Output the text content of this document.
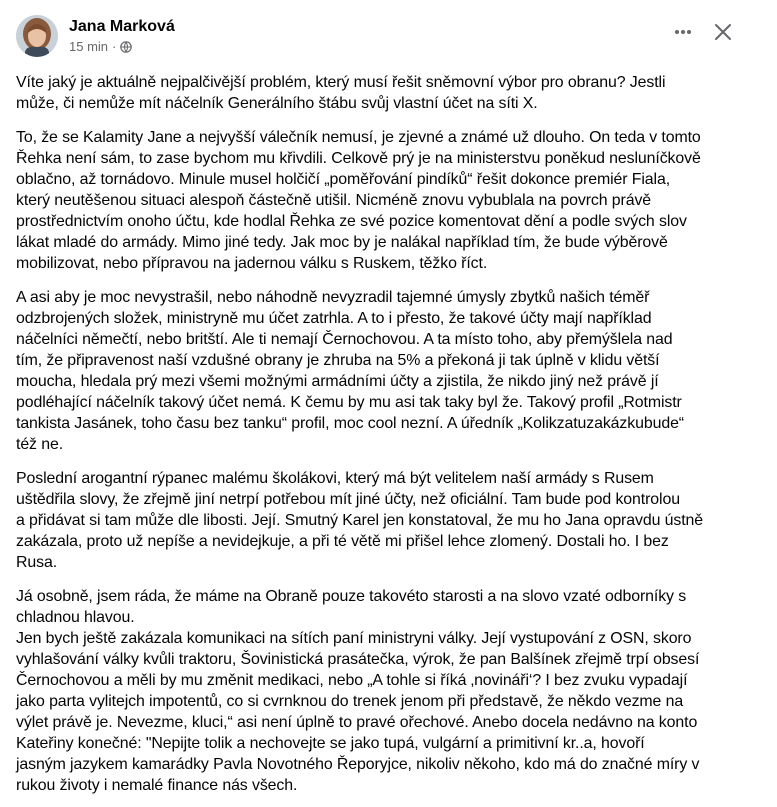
Jana Marková
15 min ·

Víte jaký je aktuálně nejpalčivější problém, který musí řešit sněmovní výbor pro obranu? Jestli
může, či nemůže mít náčelník Generálního štábu svůj vlastní účet na síti X.

To, že se Kalamity Jane a nejvyšší válečník nemusí, je zjevné a známé už dlouho. On teda v tomto
Řehka není sám, to zase bychom mu křivdili. Celkově prý je na ministerstvu poněkud nesluníčkově
oblačno, až tornádovo. Minule musel holčičí „poměřování pindíků“ řešit dokonce premiér Fiala,
který neutěšenou situaci alespoň částečně utišil. Nicméně znovu vybublala na povrch právě
prostřednictvím onoho účtu, kde hodlal Řehka ze své pozice komentovat dění a podle svých slov
lákat mladé do armády. Mimo jiné tedy. Jak moc by je nalákal například tím, že bude výběrově
mobilizovat, nebo přípravou na jadernou válku s Ruskem, těžko říct.

A asi aby je moc nevystrašil, nebo náhodně nevyzradil tajemné úmysly zbytků našich téměř
odzbrojených složek, ministryně mu účet zatrhla. A to i přesto, že takové účty mají například
náčelníci němečtí, nebo britští. Ale ti nemají Černochovou. A ta místo toho, aby přemýšlela nad
tím, že připravenost naší vzdušné obrany je zhruba na 5% a překoná ji tak úplně v klidu větší
moucha, hledala prý mezi všemi možnými armádními účty a zjistila, že nikdo jiný než právě jí
podléhající náčelník takový účet nemá. K čemu by mu asi tak taky byl že. Takový profil „Rotmistr
tankista Jasánek, toho času bez tanku“ profil, moc cool nezní. A úředník „Kolikzatuzakázkubude“
též ne.

Poslední arogantní rýpanec malému školákovi, který má být velitelem naší armády s Rusem
uštědřila slovy, že zřejmě jiní netrpí potřebou mít jiné účty, než oficiální. Tam bude pod kontrolou
a přidávat si tam může dle libosti. Její. Smutný Karel jen konstatoval, že mu ho Jana opravdu ústně
zakázala, proto už nepíše a nevidejkuje, a při té větě mi přišel lehce zlomený. Dostali ho. I bez
Rusa.

Já osobně, jsem ráda, že máme na Obraně pouze takovéto starosti a na slovo vzaté odborníky s
chladnou hlavou.

Jen bych ještě zakázala komunikaci na sítích paní ministryni války. Její vystupování z OSN, skoro
vyhlašování války kvůli traktoru, Šovinistická prasátečka, výrok, že pan Balšínek zřejmě trpí obsesí
Černochovou a měli by mu změnit medikaci, nebo „A tohle si říká ‚novináři‘? I bez zvuku vypadají
jako parta vylitejch impotentů, co si cvrnknou do trenek jenom při představě, že někdo vezme na
výlet právě je. Nevezme, kluci,“ asi není úplně to pravé ořechové. Anebo docela nedávno na konto
Kateřiny konečné: "Nepijte tolik a nechovejte se jako tupá, vulgární a primitivní kr..a, hovoří
jasným jazykem kamarádky Pavla Novotného Řeporyjce, nikoliv někoho, kdo má do značné míry v
rukou životy i nemalé finance nás všech.
